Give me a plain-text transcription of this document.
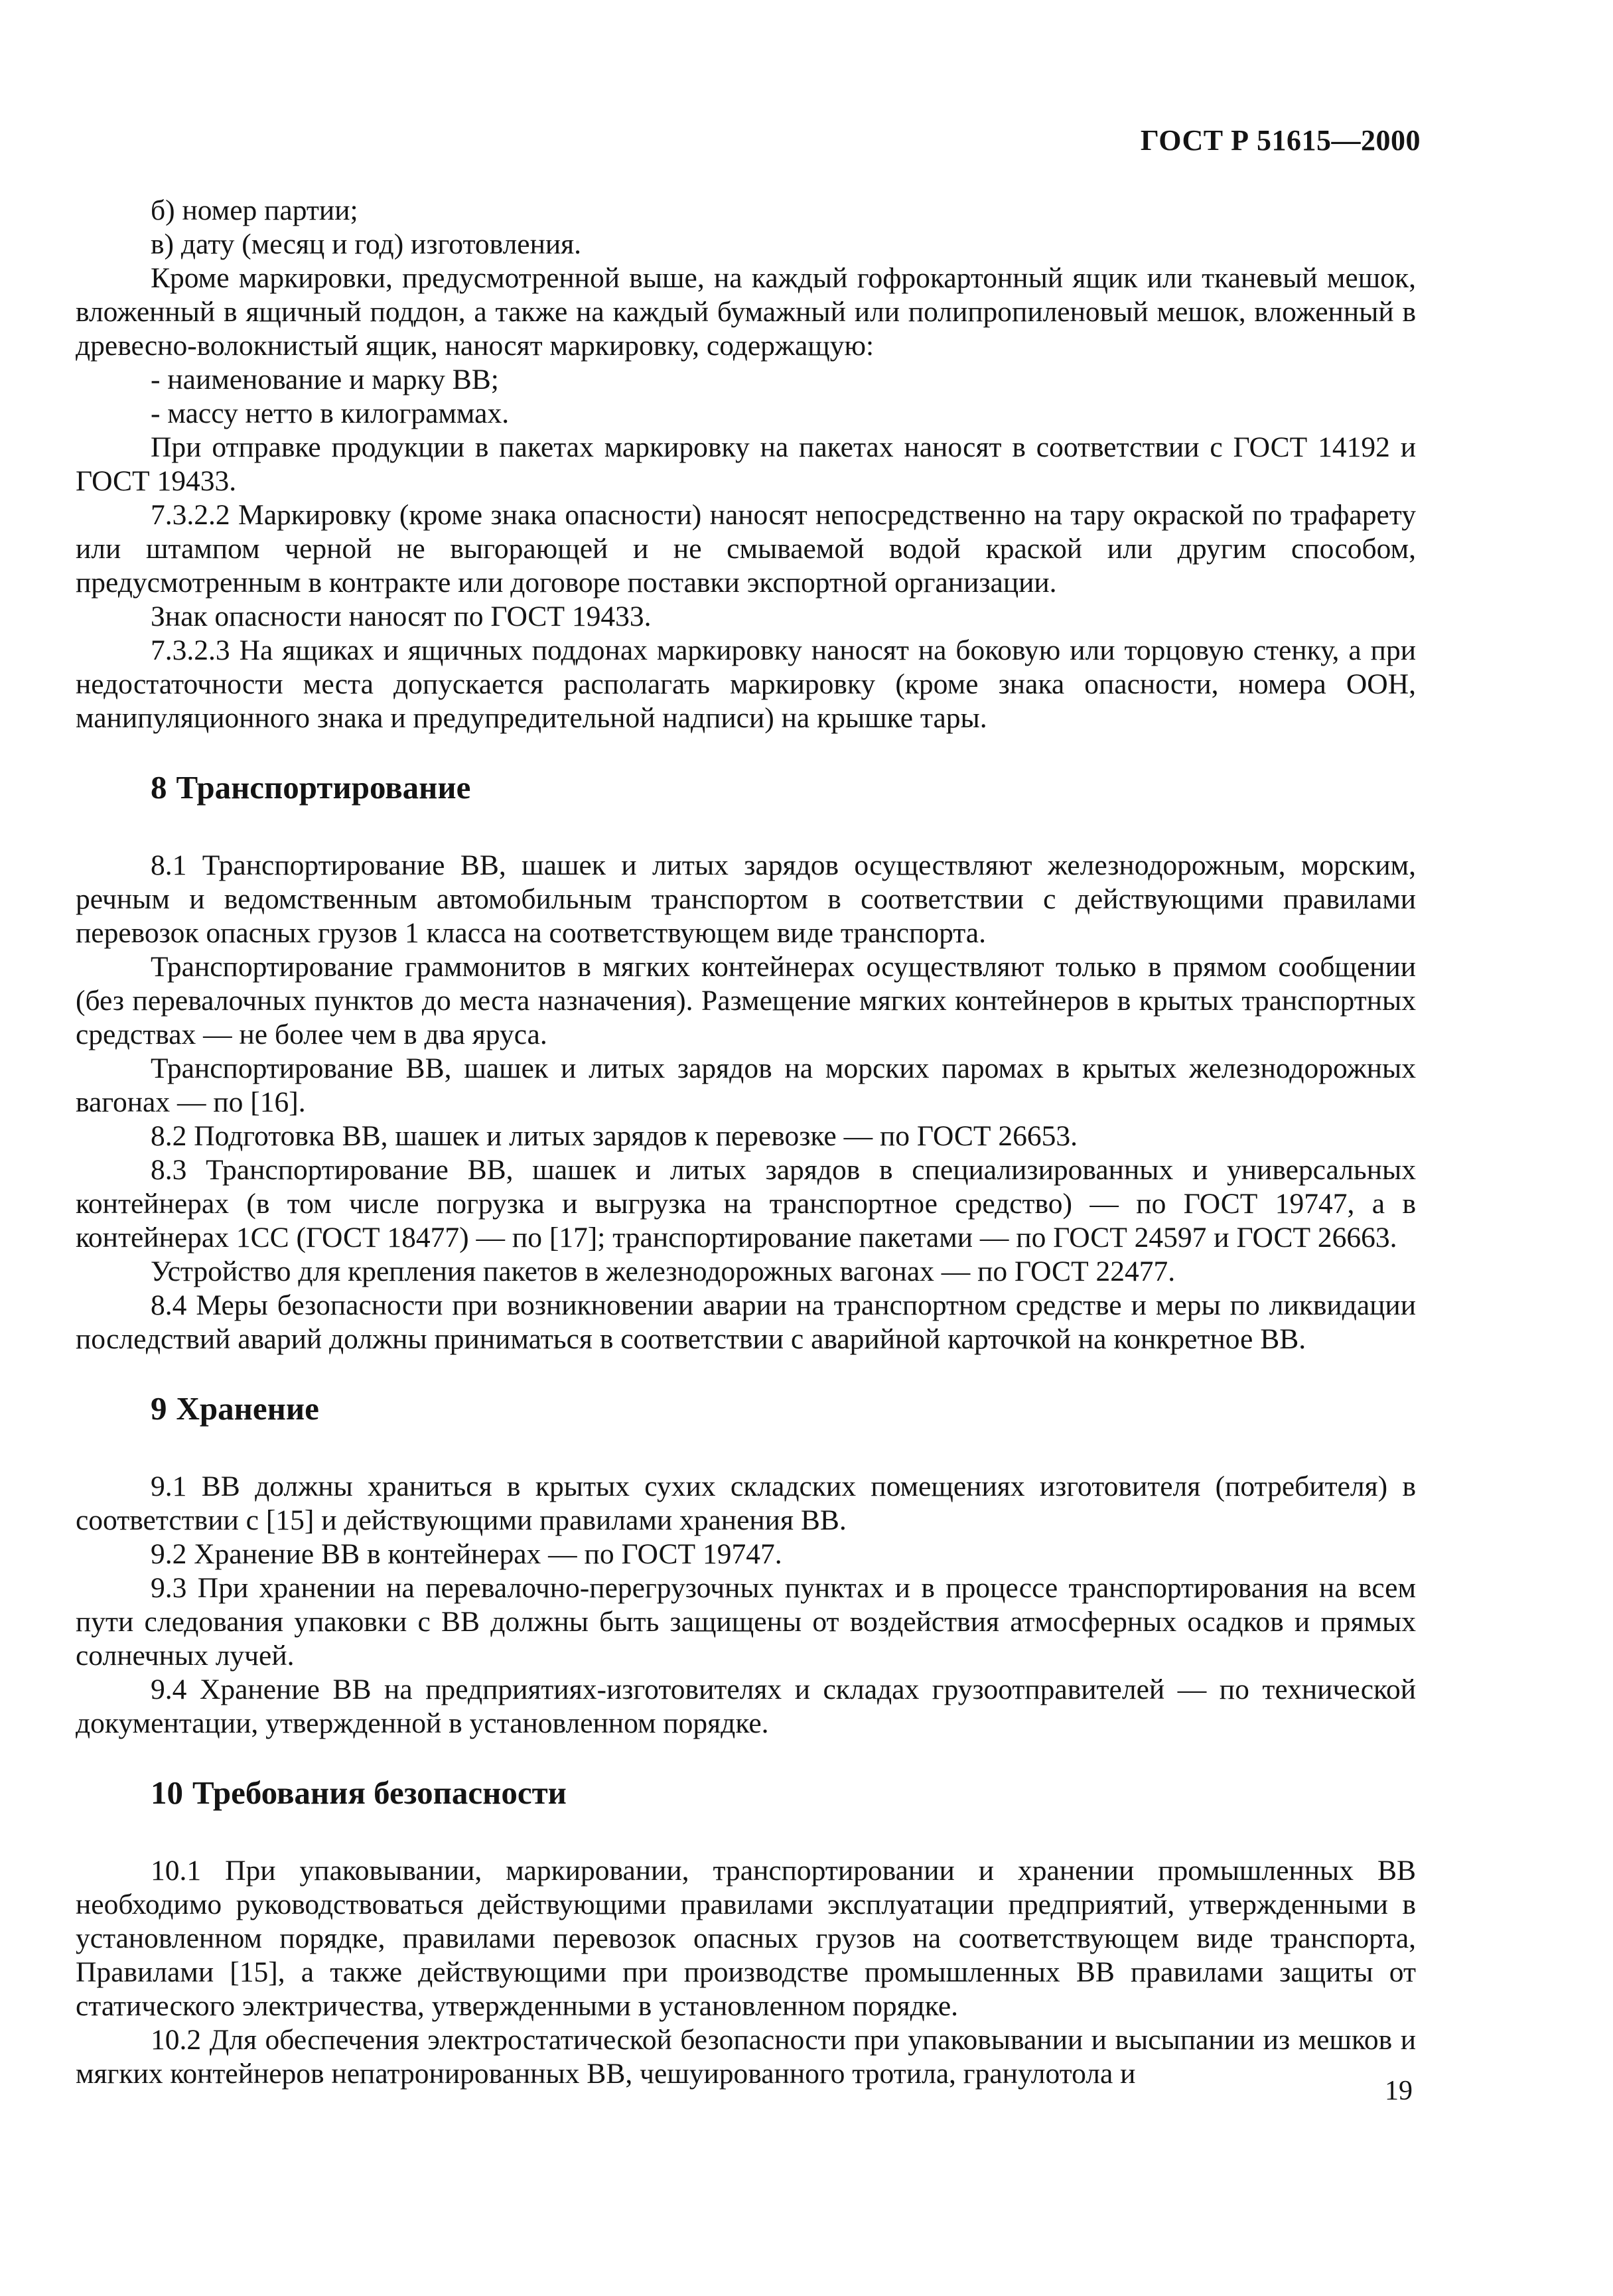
ГОСТ Р 51615—2000

б) номер партии;

в) дату (месяц и год) изготовления.

Кроме маркировки, предусмотренной выше, на каждый гофрокартонный ящик или тканевый мешок, вложенный в ящичный поддон, а также на каждый бумажный или полипропиленовый мешок, вложенный в древесно-волокнистый ящик, наносят маркировку, содержащую:

- наименование и марку ВВ;

- массу нетто в килограммах.

При отправке продукции в пакетах маркировку на пакетах наносят в соответствии с ГОСТ 14192 и ГОСТ 19433.

7.3.2.2 Маркировку (кроме знака опасности) наносят непосредственно на тару окраской по трафарету или штампом черной не выгорающей и не смываемой водой краской или другим способом, предусмотренным в контракте или договоре поставки экспортной организации.

Знак опасности наносят по ГОСТ 19433.

7.3.2.3 На ящиках и ящичных поддонах маркировку наносят на боковую или торцовую стенку, а при недостаточности места допускается располагать маркировку (кроме знака опасности, номера ООН, манипуляционного знака и предупредительной надписи) на крышке тары.

8 Транспортирование

8.1 Транспортирование ВВ, шашек и литых зарядов осуществляют железнодорожным, морским, речным и ведомственным автомобильным транспортом в соответствии с действующими правилами перевозок опасных грузов 1 класса на соответствующем виде транспорта.

Транспортирование граммонитов в мягких контейнерах осуществляют только в прямом сообщении (без перевалочных пунктов до места назначения). Размещение мягких контейнеров в крытых транспортных средствах — не более чем в два яруса.

Транспортирование ВВ, шашек и литых зарядов на морских паромах в крытых железнодорожных вагонах — по [16].

8.2 Подготовка ВВ, шашек и литых зарядов к перевозке — по ГОСТ 26653.

8.3 Транспортирование ВВ, шашек и литых зарядов в специализированных и универсальных контейнерах (в том числе погрузка и выгрузка на транспортное средство) — по ГОСТ 19747, а в контейнерах 1СС (ГОСТ 18477) — по [17]; транспортирование пакетами — по ГОСТ 24597 и ГОСТ 26663.

Устройство для крепления пакетов в железнодорожных вагонах — по ГОСТ 22477.

8.4 Меры безопасности при возникновении аварии на транспортном средстве и меры по ликвидации последствий аварий должны приниматься в соответствии с аварийной карточкой на конкретное ВВ.

9 Хранение

9.1 ВВ должны храниться в крытых сухих складских помещениях изготовителя (потребителя) в соответствии с [15] и действующими правилами хранения ВВ.

9.2 Хранение ВВ в контейнерах — по ГОСТ 19747.

9.3 При хранении на перевалочно-перегрузочных пунктах и в процессе транспортирования на всем пути следования упаковки с ВВ должны быть защищены от воздействия атмосферных осадков и прямых солнечных лучей.

9.4 Хранение ВВ на предприятиях-изготовителях и складах грузоотправителей — по технической документации, утвержденной в установленном порядке.

10 Требования безопасности

10.1 При упаковывании, маркировании, транспортировании и хранении промышленных ВВ необходимо руководствоваться действующими правилами эксплуатации предприятий, утвержденными в установленном порядке, правилами перевозок опасных грузов на соответствующем виде транспорта, Правилами [15], а также действующими при производстве промышленных ВВ правилами защиты от статического электричества, утвержденными в установленном порядке.

10.2 Для обеспечения электростатической безопасности при упаковывании и высыпании из мешков и мягких контейнеров непатронированных ВВ, чешуированного тротила, гранулотола и

19
